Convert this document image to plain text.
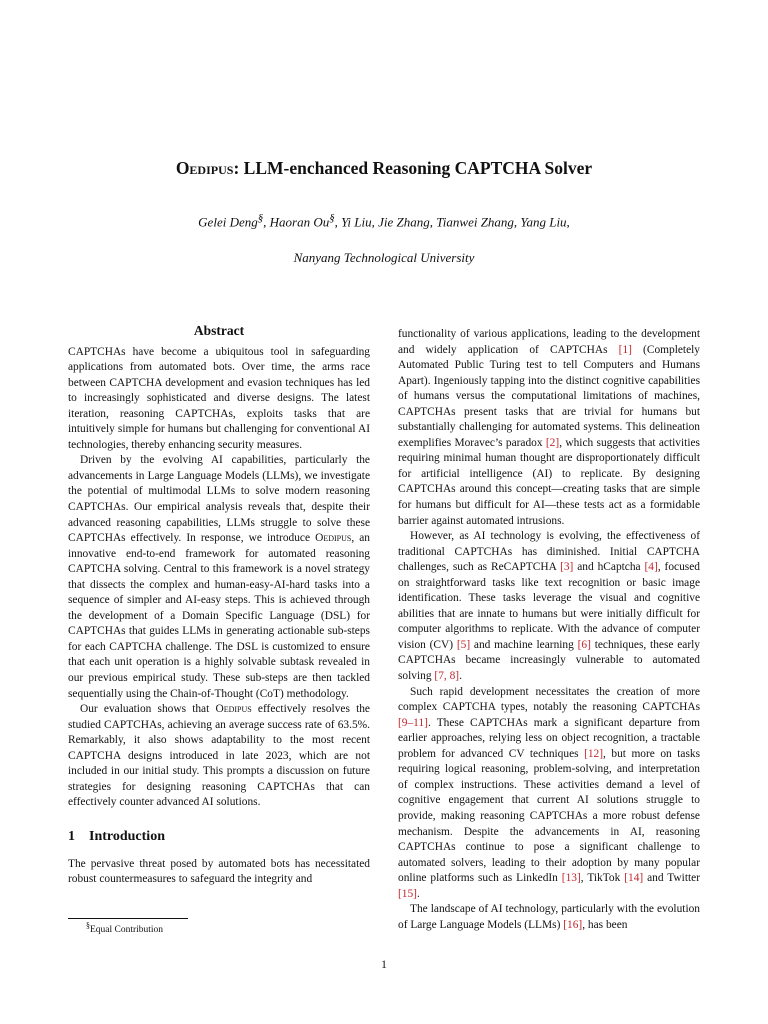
Oedipus: LLM-enchanced Reasoning CAPTCHA Solver
Gelei Deng§, Haoran Ou§, Yi Liu, Jie Zhang, Tianwei Zhang, Yang Liu,
Nanyang Technological University
Abstract

CAPTCHAs have become a ubiquitous tool in safeguarding applications from automated bots. Over time, the arms race between CAPTCHA development and evasion techniques has led to increasingly sophisticated and diverse designs. The latest iteration, reasoning CAPTCHAs, exploits tasks that are intuitively simple for humans but challenging for conventional AI technologies, thereby enhancing security measures.

Driven by the evolving AI capabilities, particularly the advancements in Large Language Models (LLMs), we investigate the potential of multimodal LLMs to solve modern reasoning CAPTCHAs. Our empirical analysis reveals that, despite their advanced reasoning capabilities, LLMs struggle to solve these CAPTCHAs effectively. In response, we introduce Oedipus, an innovative end-to-end framework for automated reasoning CAPTCHA solving. Central to this framework is a novel strategy that dissects the complex and human-easy-AI-hard tasks into a sequence of simpler and AI-easy steps. This is achieved through the development of a Domain Specific Language (DSL) for CAPTCHAs that guides LLMs in generating actionable sub-steps for each CAPTCHA challenge. The DSL is customized to ensure that each unit operation is a highly solvable subtask revealed in our previous empirical study. These sub-steps are then tackled sequentially using the Chain-of-Thought (CoT) methodology.

Our evaluation shows that Oedipus effectively resolves the studied CAPTCHAs, achieving an average success rate of 63.5%. Remarkably, it also shows adaptability to the most recent CAPTCHA designs introduced in late 2023, which are not included in our initial study. This prompts a discussion on future strategies for designing reasoning CAPTCHAs that can effectively counter advanced AI solutions.

1 Introduction

The pervasive threat posed by automated bots has necessitated robust countermeasures to safeguard the integrity and

functionality of various applications, leading to the development and widely application of CAPTCHAs [1] (Completely Automated Public Turing test to tell Computers and Humans Apart). Ingeniously tapping into the distinct cognitive capabilities of humans versus the computational limitations of machines, CAPTCHAs present tasks that are trivial for humans but substantially challenging for automated systems. This delineation exemplifies Moravec’s paradox [2], which suggests that activities requiring minimal human thought are disproportionately difficult for artificial intelligence (AI) to replicate. By designing CAPTCHAs around this concept—creating tasks that are simple for humans but difficult for AI—these tests act as a formidable barrier against automated intrusions.

However, as AI technology is evolving, the effectiveness of traditional CAPTCHAs has diminished. Initial CAPTCHA challenges, such as ReCAPTCHA [3] and hCaptcha [4], focused on straightforward tasks like text recognition or basic image identification. These tasks leverage the visual and cognitive abilities that are innate to humans but were initially difficult for computer algorithms to replicate. With the advance of computer vision (CV) [5] and machine learning [6] techniques, these early CAPTCHAs became increasingly vulnerable to automated solving [7, 8].

Such rapid development necessitates the creation of more complex CAPTCHA types, notably the reasoning CAPTCHAs [9–11]. These CAPTCHAs mark a significant departure from earlier approaches, relying less on object recognition, a tractable problem for advanced CV techniques [12], but more on tasks requiring logical reasoning, problem-solving, and interpretation of complex instructions. These activities demand a level of cognitive engagement that current AI solutions struggle to provide, making reasoning CAPTCHAs a more robust defense mechanism. Despite the advancements in AI, reasoning CAPTCHAs continue to pose a significant challenge to automated solvers, leading to their adoption by many popular online platforms such as LinkedIn [13], TikTok [14] and Twitter [15].

The landscape of AI technology, particularly with the evolution of Large Language Models (LLMs) [16], has been

§Equal Contribution
1
